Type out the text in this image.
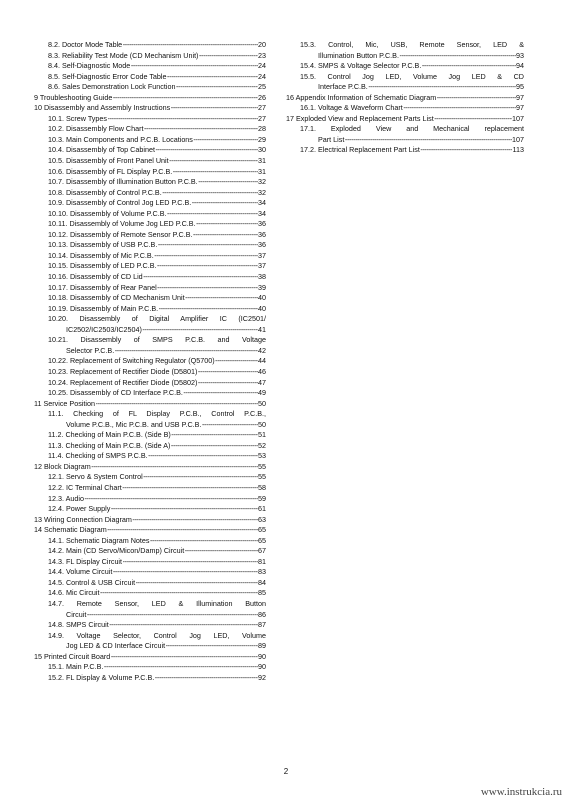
8.2. Doctor Mode Table -----	20
8.3. Reliability Test Mode (CD Mechanism Unit) -----	23
8.4. Self-Diagnostic Mode -----	24
8.5. Self-Diagnostic Error Code Table -----	24
8.6. Sales Demonstration Lock Function -----	25
9 Troubleshooting Guide -----	26
10 Disassembly and Assembly Instructions -----	27
10.1. Screw Types -----	27
10.2. Disassembly Flow Chart -----	28
10.3. Main Components and P.C.B. Locations -----	29
10.4. Disassembly of Top Cabinet -----	30
10.5. Disassembly of Front Panel Unit -----	31
10.6. Disassembly of FL Display P.C.B. -----	31
10.7. Disassembly of Illumination Button P.C.B. -----	32
10.8. Disassembly of Control P.C.B. -----	32
10.9. Disassembly of Control Jog LED P.C.B. -----	34
10.10. Disassembly of Volume P.C.B. -----	34
10.11. Disassembly of Volume Jog LED P.C.B. -----	36
10.12. Disassembly of Remote Sensor P.C.B. -----	36
10.13. Disassembly of USB P.C.B. -----	36
10.14. Disassembly of Mic P.C.B. -----	37
10.15. Disassembly of LED P.C.B. -----	37
10.16. Disassembly of CD Lid -----	38
10.17. Disassembly of Rear Panel -----	39
10.18. Disassembly of CD Mechanism Unit -----	40
10.19. Disassembly of Main P.C.B. -----	40
10.20. Disassembly of Digital Amplifier IC (IC2501/
IC2502/IC2503/IC2504) -----	41
10.21. Disassembly of SMPS P.C.B. and Voltage
Selector P.C.B. -----	42
10.22. Replacement of Switching Regulator (Q5700) -----	44
10.23. Replacement of Rectifier Diode (D5801) -----	46
10.24. Replacement of Rectifier Diode (D5802) -----	47
10.25. Disassembly of CD Interface P.C.B. -----	49
11 Service Position -----	50
11.1. Checking of FL Display P.C.B., Control P.C.B.,
Volume P.C.B., Mic P.C.B. and USB P.C.B. -----	50
11.2. Checking of Main P.C.B. (Side B) -----	51
11.3. Checking of Main P.C.B. (Side A) -----	52
11.4. Checking of SMPS P.C.B. -----	53
12 Block Diagram -----	55
12.1. Servo & System Control -----	55
12.2. IC Terminal Chart -----	58
12.3. Audio -----	59
12.4. Power Supply -----	61
13 Wiring Connection Diagram -----	63
14 Schematic Diagram -----	65
14.1. Schematic Diagram Notes -----	65
14.2. Main (CD Servo/Micon/Damp) Circuit -----	67
14.3. FL Display Circuit -----	81
14.4. Volume Circuit -----	83
14.5. Control & USB Circuit -----	84
14.6. Mic Circuit -----	85
14.7. Remote Sensor, LED & Illumination Button
Circuit -----	86
14.8. SMPS Circuit -----	87
14.9. Voltage Selector, Control Jog LED, Volume
Jog LED & CD Interface Circuit -----	89
15 Printed Circuit Board -----	90
15.1. Main P.C.B. -----	90
15.2. FL Display & Volume P.C.B. -----	92
15.3. Control, Mic, USB, Remote Sensor, LED &
Illumination Button P.C.B. -----	93
15.4. SMPS & Voltage Selector P.C.B. -----	94
15.5. Control Jog LED, Volume Jog LED & CD
Interface P.C.B. -----	95
16 Appendix Information of Schematic Diagram -----	97
16.1. Voltage & Waveform Chart -----	97
17 Exploded View and Replacement Parts List -----	107
17.1. Exploded View and Mechanical replacement
Part List -----	107
17.2. Electrical Replacement Part List -----	113
2
www.instrukcia.ru
